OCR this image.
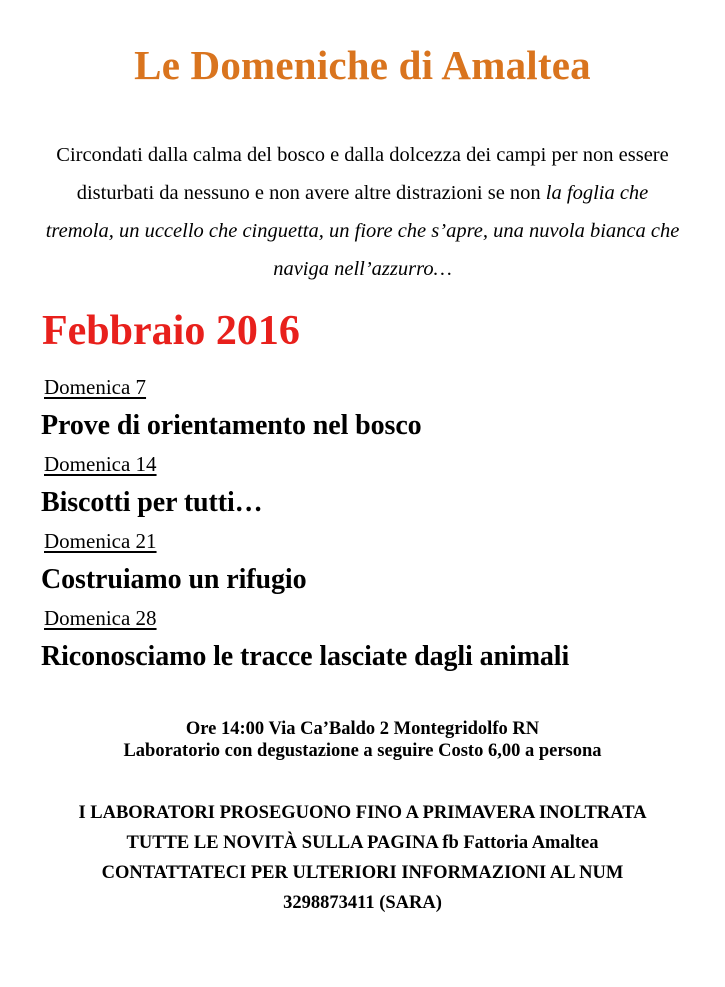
Le Domeniche di Amaltea

Circondati dalla calma del bosco e dalla dolcezza dei campi per non essere disturbati da nessuno e non avere altre distrazioni se non la foglia che tremola, un uccello che cinguetta, un fiore che s’apre, una nuvola bianca che naviga nell’azzurro…

Febbraio 2016
Domenica 7
Prove di orientamento nel bosco
Domenica 14
Biscotti per tutti…
Domenica 21
Costruiamo un rifugio
Domenica 28
Riconosciamo le tracce lasciate dagli animali
Ore 14:00 Via Ca’Baldo 2 Montegridolfo RN
Laboratorio con degustazione a seguire Costo 6,00 a persona
I LABORATORI PROSEGUONO FINO A PRIMAVERA INOLTRATA
TUTTE LE NOVITÀ SULLA PAGINA fb Fattoria Amaltea
CONTATTATECI PER ULTERIORI INFORMAZIONI AL NUM
3298873411 (SARA)
